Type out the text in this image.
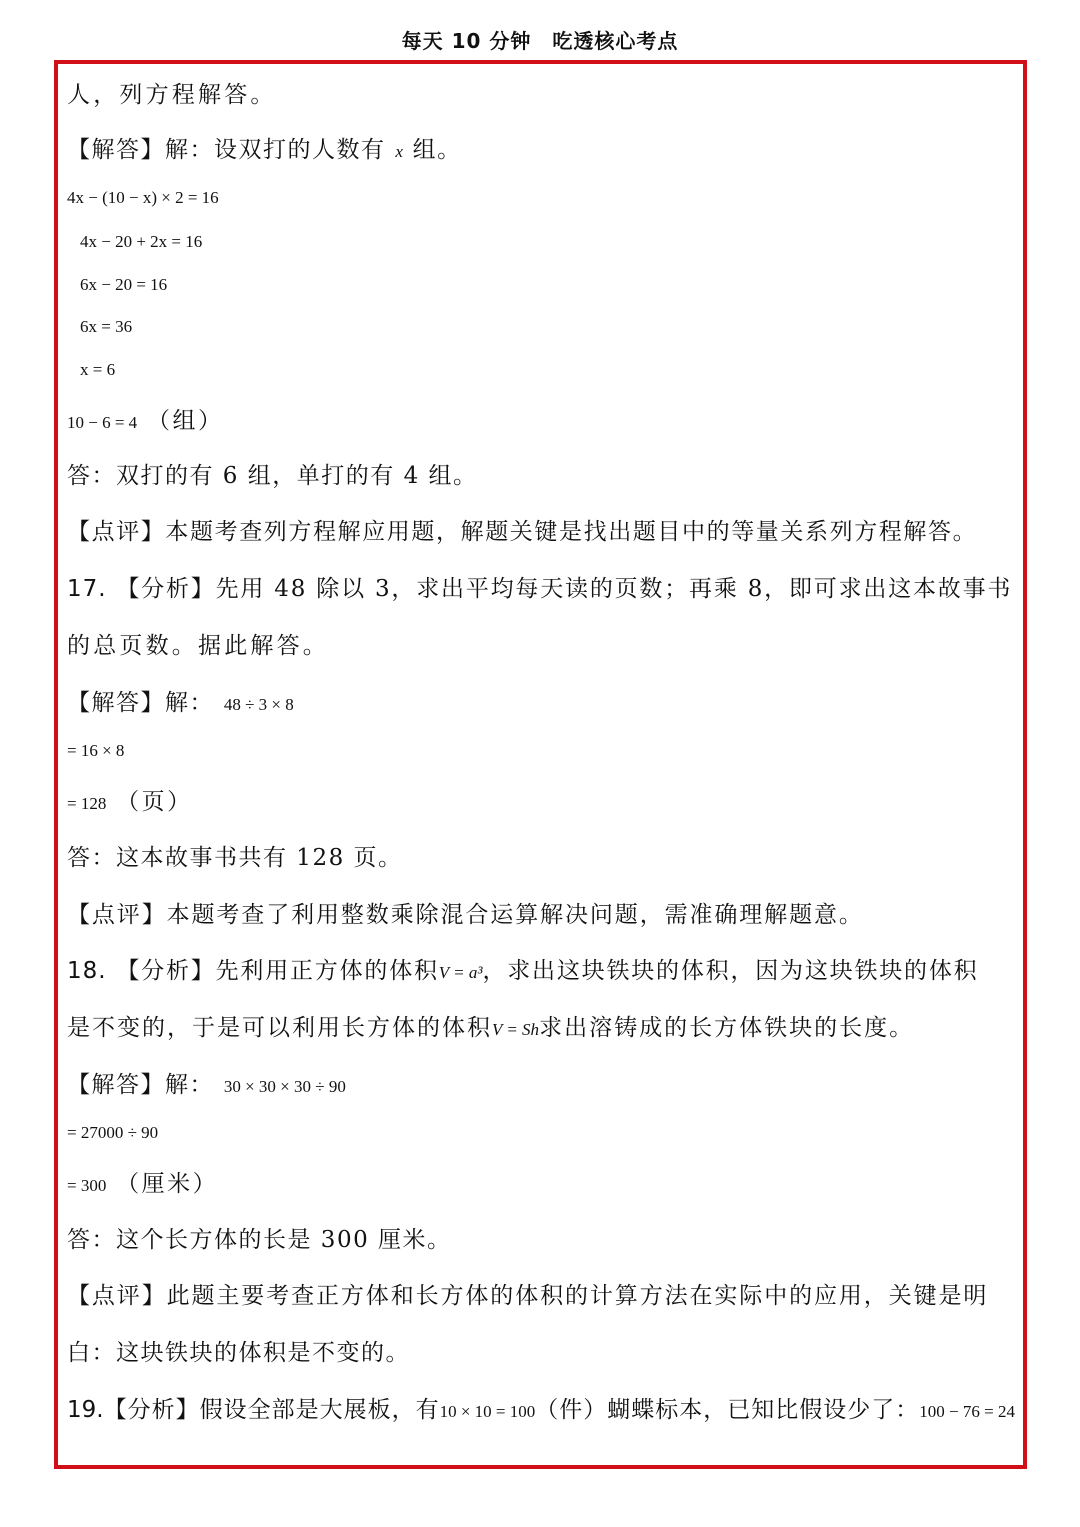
每天 10 分钟　吃透核心考点
人，列方程解答。
【解答】解：设双打的人数有 x 组。
4x − (10 − x) × 2 = 16
4x − 20 + 2x = 16
6x − 20 = 16
6x = 36
x = 6
10 − 6 = 4 （组）
答：双打的有 6 组，单打的有 4 组。
【点评】本题考查列方程解应用题，解题关键是找出题目中的等量关系列方程解答。
17. 【分析】先用 48 除以 3，求出平均每天读的页数；再乘 8，即可求出这本故事书
的总页数。据此解答。
【解答】解： 48 ÷ 3 × 8
= 16 × 8
= 128 （页）
答：这本故事书共有 128 页。
【点评】本题考查了利用整数乘除混合运算解决问题，需准确理解题意。
18. 【分析】先利用正方体的体积V = a³，求出这块铁块的体积，因为这块铁块的体积
是不变的，于是可以利用长方体的体积V = Sh求出溶铸成的长方体铁块的长度。
【解答】解： 30 × 30 × 30 ÷ 90
= 27000 ÷ 90
= 300 （厘米）
答：这个长方体的长是 300 厘米。
【点评】此题主要考查正方体和长方体的体积的计算方法在实际中的应用，关键是明
白：这块铁块的体积是不变的。
19.【分析】假设全部是大展板，有10 × 10 = 100（件）蝴蝶标本，已知比假设少了：100 − 76 = 24
